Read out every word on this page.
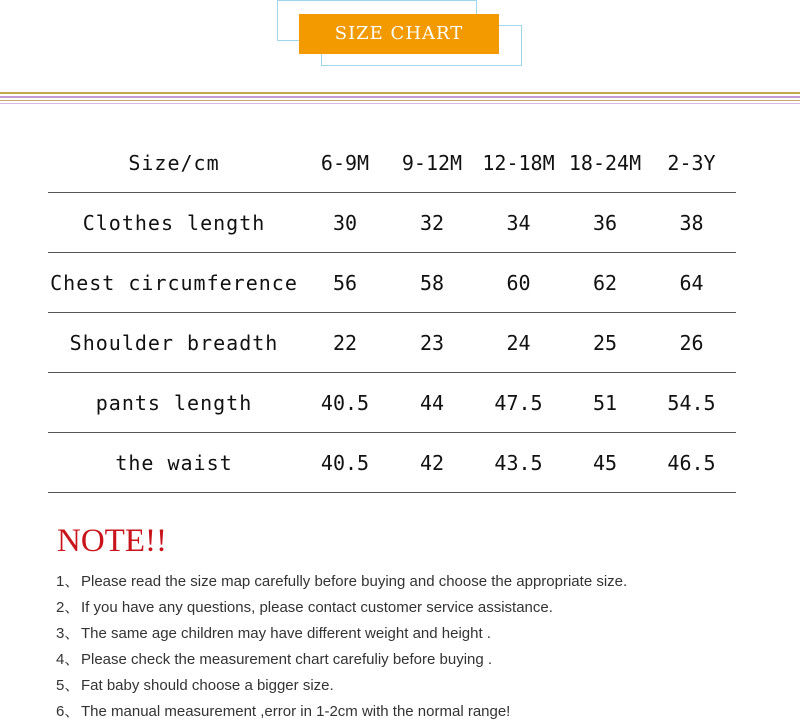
SIZE CHART
Size/cm	6-9M	9-12M	12-18M	18-24M	2-3Y
Clothes length	30	32	34	36	38
Chest circumference	56	58	60	62	64
Shoulder breadth	22	23	24	25	26
pants length	40.5	44	47.5	51	54.5
the waist	40.5	42	43.5	45	46.5
NOTE!!
1、 Please read the size map carefully before buying and choose the appropriate size.
2、 If you have any questions, please contact customer service assistance.
3、 The same age children may have different weight and height .
4、 Please check the measurement chart carefuliy before buying .
5、 Fat baby should choose a bigger size.
6、 The manual measurement ,error in 1-2cm with the normal range!
